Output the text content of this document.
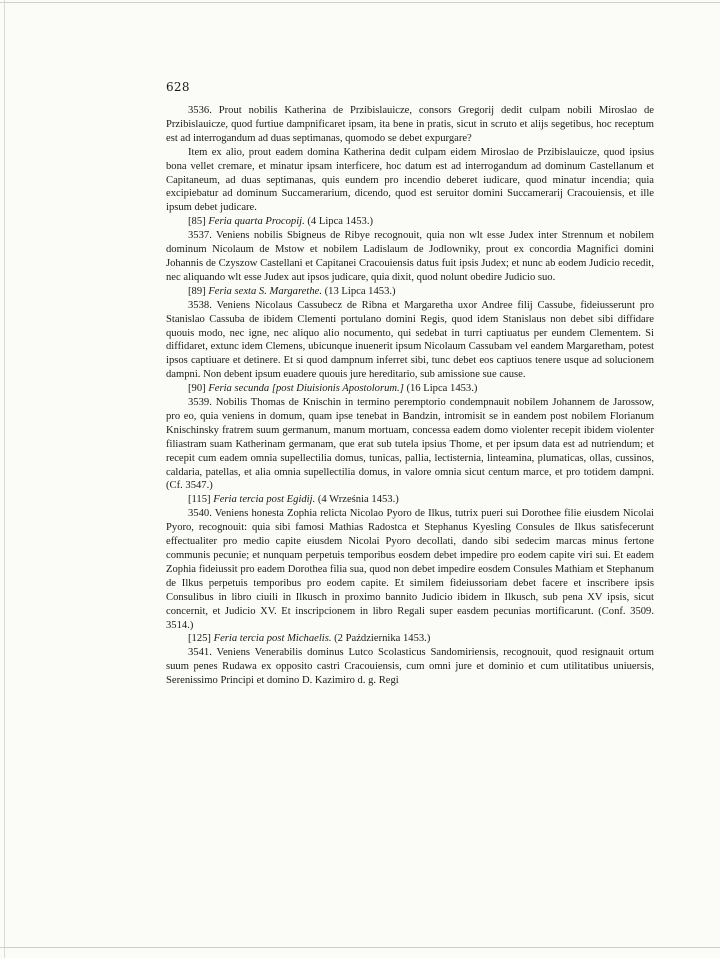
628

3536. Prout nobilis Katherina de Przibislauicze, consors Gregorij dedit culpam nobili Miroslao de Przibislauicze, quod furtiue dampnificaret ipsam, ita bene in pratis, sicut in scruto et alijs segetibus, hoc receptum est ad interrogandum ad duas septimanas, quomodo se debet expurgare?

Item ex alio, prout eadem domina Katherina dedit culpam eidem Miroslao de Przibislauicze, quod ipsius bona vellet cremare, et minatur ipsam interficere, hoc datum est ad interrogandum ad dominum Castellanum et Capitaneum, ad duas septimanas, quis eundem pro incendio deberet iudicare, quod minatur incendia; quia excipiebatur ad dominum Succamerarium, dicendo, quod est seruitor domini Succamerarij Cracouiensis, et ille ipsum debet judicare.

[85] Feria quarta Procopij. (4 Lipca 1453.)

3537. Veniens nobilis Sbigneus de Ribye recognouit, quia non wlt esse Judex inter Strennum et nobilem dominum Nicolaum de Mstow et nobilem Ladislaum de Jodlowniky, prout ex concordia Magnifici domini Johannis de Czyszow Castellani et Capitanei Cracouiensis datus fuit ipsis Judex; et nunc ab eodem Judicio recedit, nec aliquando wlt esse Judex aut ipsos judicare, quia dixit, quod nolunt obedire Judicio suo.

[89] Feria sexta S. Margarethe. (13 Lipca 1453.)

3538. Veniens Nicolaus Cassubecz de Ribna et Margaretha uxor Andree filij Cassube, fideiusserunt pro Stanislao Cassuba de ibidem Clementi portulano domini Regis, quod idem Stanislaus non debet sibi diffidare quouis modo, nec igne, nec aliquo alio nocumento, qui sedebat in turri captiuatus per eundem Clementem. Si diffidaret, extunc idem Clemens, ubicunque inuenerit ipsum Nicolaum Cassubam vel eandem Margaretham, potest ipsos captiuare et detinere. Et si quod dampnum inferret sibi, tunc debet eos captiuos tenere usque ad solucionem dampni. Non debent ipsum euadere quouis jure hereditario, sub amissione sue cause.

[90] Feria secunda [post Diuisionis Apostolorum.] (16 Lipca 1453.)

3539. Nobilis Thomas de Knischin in termino peremptorio condempnauit nobilem Johannem de Jarossow, pro eo, quia veniens in domum, quam ipse tenebat in Bandzin, intromisit se in eandem post nobilem Florianum Knischinsky fratrem suum germanum, manum mortuam, concessa eadem domo violenter recepit ibidem violenter filiastram suam Katherinam germanam, que erat sub tutela ipsius Thome, et per ipsum data est ad nutriendum; et recepit cum eadem omnia supellectilia domus, tunicas, pallia, lectisternia, linteamina, plumaticas, ollas, cussinos, caldaria, patellas, et alia omnia supellectilia domus, in valore omnia sicut centum marce, et pro totidem dampni. (Cf. 3547.)

[115] Feria tercia post Egidij. (4 Września 1453.)

3540. Veniens honesta Zophia relicta Nicolao Pyoro de Ilkus, tutrix pueri sui Dorothee filie eiusdem Nicolai Pyoro, recognouit: quia sibi famosi Mathias Radostca et Stephanus Kyesling Consules de Ilkus satisfecerunt effectualiter pro medio capite eiusdem Nicolai Pyoro decollati, dando sibi sedecim marcas minus fertone communis pecunie; et nunquam perpetuis temporibus eosdem debet impedire pro eodem capite viri sui. Et eadem Zophia fideiussit pro eadem Dorothea filia sua, quod non debet impedire eosdem Consules Mathiam et Stephanum de Ilkus perpetuis temporibus pro eodem capite. Et similem fideiussoriam debet facere et inscribere ipsis Consulibus in libro ciuili in Ilkusch in proximo bannito Judicio ibidem in Ilkusch, sub pena XV ipsis, sicut concernit, et Judicio XV. Et inscripcionem in libro Regali super easdem pecunias mortificarunt. (Conf. 3509. 3514.)

[125] Feria tercia post Michaelis. (2 Października 1453.)

3541. Veniens Venerabilis dominus Lutco Scolasticus Sandomiriensis, recognouit, quod resignauit ortum suum penes Rudawa ex opposito castri Cracouiensis, cum omni jure et dominio et cum utilitatibus uniuersis, Serenissimo Principi et domino D. Kazimiro d. g. Regi
